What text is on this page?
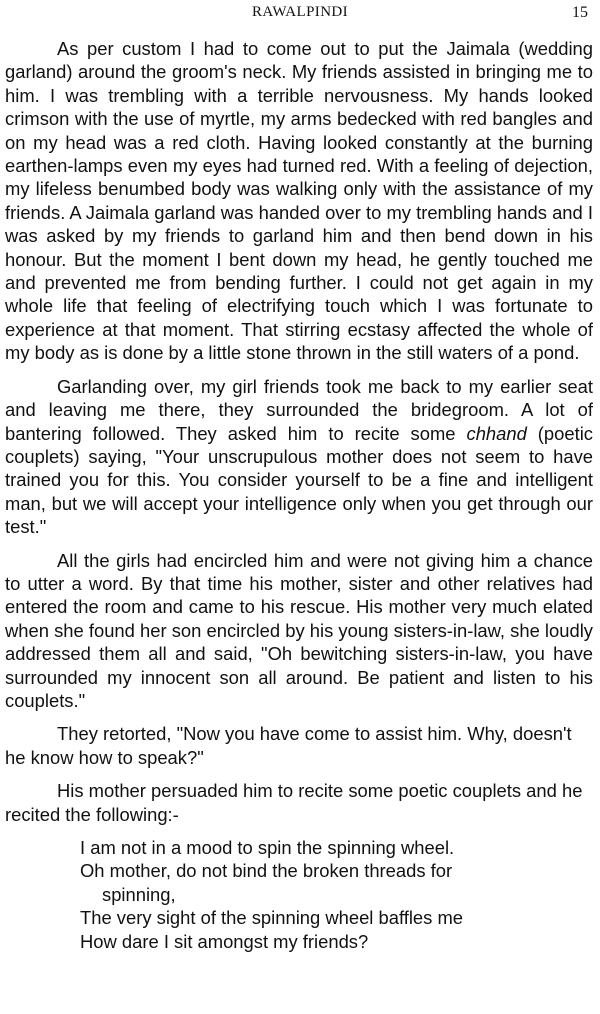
RAWALPINDI	15

As per custom I had to come out to put the Jaimala (wedding garland) around the groom's neck. My friends assisted in bringing me to him. I was trembling with a terrible nervousness. My hands looked crimson with the use of myrtle, my arms bedecked with red bangles and on my head was a red cloth. Having looked constantly at the burning earthen-lamps even my eyes had turned red. With a feeling of dejection, my lifeless benumbed body was walking only with the assistance of my friends. A Jaimala garland was handed over to my trembling hands and I was asked by my friends to garland him and then bend down in his honour. But the moment I bent down my head, he gently touched me and prevented me from bending further. I could not get again in my whole life that feeling of electrifying touch which I was fortunate to experience at that moment. That stirring ecstasy affected the whole of my body as is done by a little stone thrown in the still waters of a pond.

Garlanding over, my girl friends took me back to my earlier seat and leaving me there, they surrounded the bridegroom. A lot of bantering followed. They asked him to recite some chhand (poetic couplets) saying, "Your unscrupulous mother does not seem to have trained you for this. You consider yourself to be a fine and intelligent man, but we will accept your intelligence only when you get through our test."

All the girls had encircled him and were not giving him a chance to utter a word. By that time his mother, sister and other relatives had entered the room and came to his rescue. His mother very much elated when she found her son encircled by his young sisters-in-law, she loudly addressed them all and said, "Oh bewitching sisters-in-law, you have surrounded my innocent son all around. Be patient and listen to his couplets."

They retorted, "Now you have come to assist him. Why, doesn't he know how to speak?"

His mother persuaded him to recite some poetic couplets and he recited the following:-

I am not in a mood to spin the spinning wheel.
Oh mother, do not bind the broken threads for
spinning,
The very sight of the spinning wheel baffles me
How dare I sit amongst my friends?
